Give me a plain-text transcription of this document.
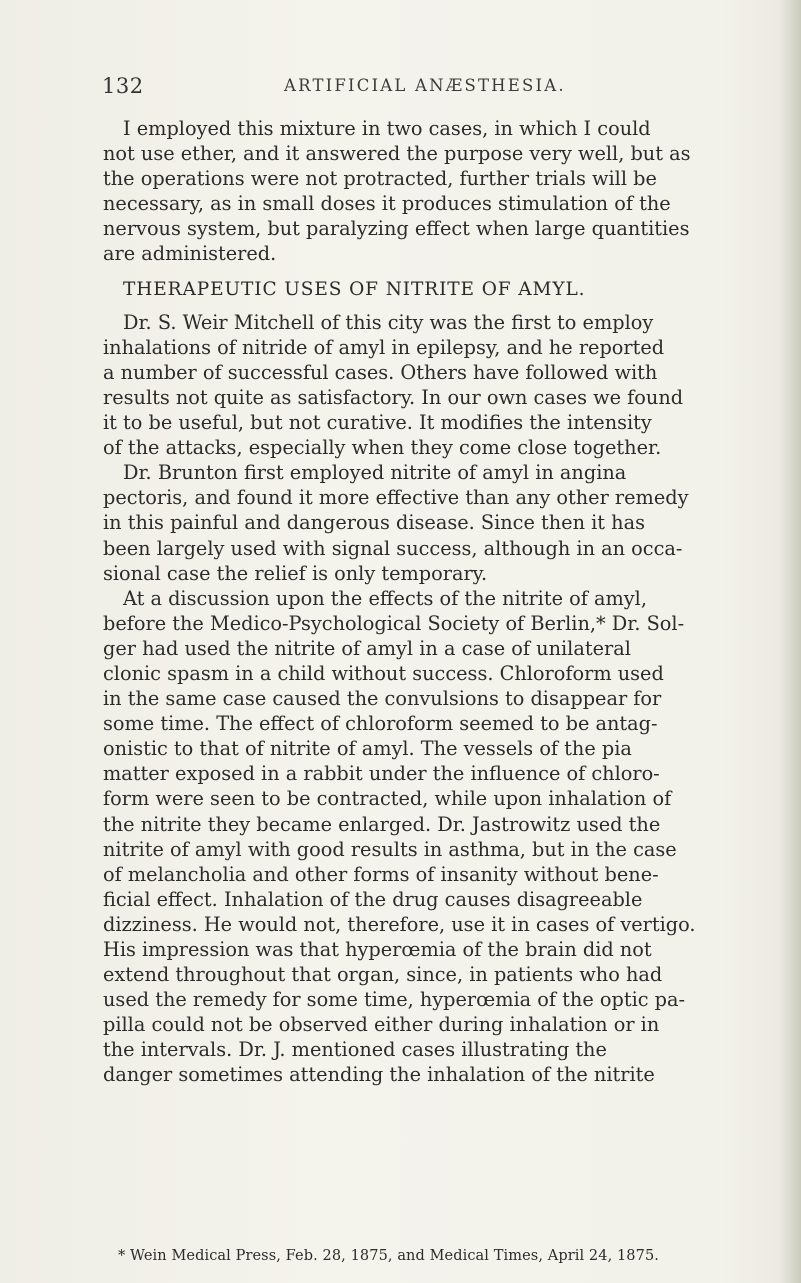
132	ARTIFICIAL ANÆSTHESIA.
I employed this mixture in two cases, in which I could
not use ether, and it answered the purpose very well, but as
the operations were not protracted, further trials will be
necessary, as in small doses it produces stimulation of the
nervous system, but paralyzing effect when large quantities
are administered.
THERAPEUTIC USES OF NITRITE OF AMYL.
Dr. S. Weir Mitchell of this city was the first to employ
inhalations of nitride of amyl in epilepsy, and he reported
a number of successful cases. Others have followed with
results not quite as satisfactory. In our own cases we found
it to be useful, but not curative. It modifies the intensity
of the attacks, especially when they come close together.
Dr. Brunton first employed nitrite of amyl in angina
pectoris, and found it more effective than any other remedy
in this painful and dangerous disease. Since then it has
been largely used with signal success, although in an occa-
sional case the relief is only temporary.
At a discussion upon the effects of the nitrite of amyl,
before the Medico-Psychological Society of Berlin,* Dr. Sol-
ger had used the nitrite of amyl in a case of unilateral
clonic spasm in a child without success. Chloroform used
in the same case caused the convulsions to disappear for
some time. The effect of chloroform seemed to be antag-
onistic to that of nitrite of amyl. The vessels of the pia
matter exposed in a rabbit under the influence of chloro-
form were seen to be contracted, while upon inhalation of
the nitrite they became enlarged. Dr. Jastrowitz used the
nitrite of amyl with good results in asthma, but in the case
of melancholia and other forms of insanity without bene-
ficial effect. Inhalation of the drug causes disagreeable
dizziness. He would not, therefore, use it in cases of vertigo.
His impression was that hyperœmia of the brain did not
extend throughout that organ, since, in patients who had
used the remedy for some time, hyperœmia of the optic pa-
pilla could not be observed either during inhalation or in
the intervals. Dr. J. mentioned cases illustrating the
danger sometimes attending the inhalation of the nitrite
* Wein Medical Press, Feb. 28, 1875, and Medical Times, April 24, 1875.
